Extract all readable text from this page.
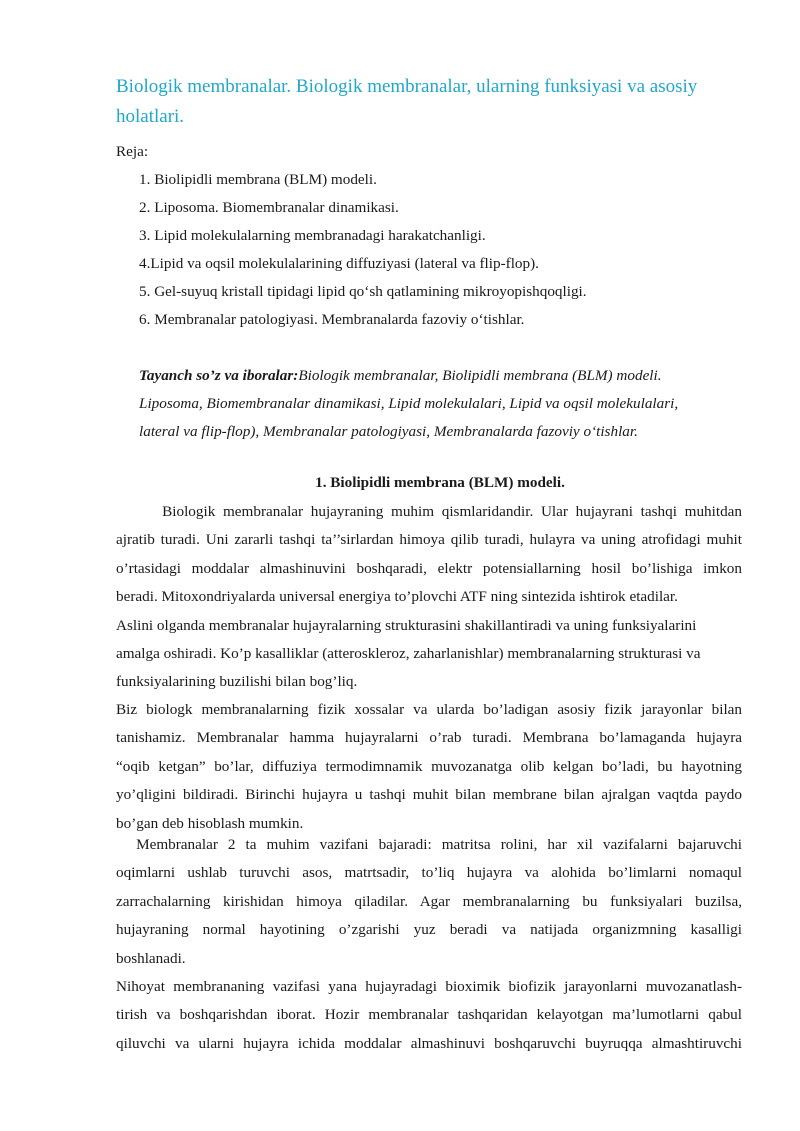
Biologik membranalar. Biologik membranalar, ularning funksiyasi va asosiy holatlari.
Reja:
1. Biolipidli membrana (BLM) modeli.
2. Liposoma. Biomembranalar dinamikasi.
3. Lipid molekulalarning membranadagi harakatchanligi.
4.Lipid va oqsil molekulalarining diffuziyasi (lateral va flip-flop).
5. Gel-suyuq kristall tipidagi lipid qo‘sh qatlamining mikroyopishqoqligi.
6. Membranalar patologiyasi. Membranalarda fazoviy o‘tishlar.
Tayanch so’z va iboralar:Biologik membranalar, Biolipidli membrana (BLM) modeli.
Liposoma, Biomembranalar dinamikasi, Lipid molekulalari, Lipid va oqsil molekulalari,
lateral va flip-flop), Membranalar patologiyasi, Membranalarda fazoviy o‘tishlar.
1. Biolipidli membrana (BLM) modeli.
Biologik membranalar hujayraning muhim qismlaridandir. Ular hujayrani tashqi muhitdan
ajratib turadi. Uni zararli tashqi ta’’sirlardan himoya qilib turadi, hulayra va uning atrofidagi muhit
o’rtasidagi moddalar almashinuvini boshqaradi, elektr potensiallarning hosil bo’lishiga imkon
beradi. Mitoxondriyalarda universal energiya to’plovchi ATF ning sintezida ishtirok etadilar.
Aslini olganda membranalar hujayralarning strukturasini shakillantiradi va uning funksiyalarini
amalga oshiradi. Ko’p kasalliklar (atteroskleroz, zaharlanishlar) membranalarning strukturasi va
funksiyalarining buzilishi bilan bog’liq.
Biz biologk membranalarning fizik xossalar va ularda bo’ladigan asosiy fizik jarayonlar bilan
tanishamiz. Membranalar hamma hujayralarni o’rab turadi. Membrana bo’lamaganda hujayra
“oqib ketgan” bo’lar, diffuziya termodimnamik muvozanatga olib kelgan bo’ladi, bu hayotning
yo’qligini bildiradi. Birinchi hujayra u tashqi muhit bilan membrane bilan ajralgan vaqtda paydo
bo’gan deb hisoblash mumkin.
Membranalar 2 ta muhim vazifani bajaradi: matritsa rolini, har xil vazifalarni bajaruvchi
oqimlarni ushlab turuvchi asos, matrtsadir, to’liq hujayra va alohida bo’limlarni nomaqul
zarrachalarning kirishidan himoya qiladilar. Agar membranalarning bu funksiyalari buzilsa,
hujayraning normal hayotining o’zgarishi yuz beradi va natijada organizmning kasalligi
boshlanadi.
Nihoyat membrananing vazifasi yana hujayradagi bioximik biofizik jarayonlarni muvozanatlash-
tirish va boshqarishdan iborat. Hozir membranalar tashqaridan kelayotgan ma’lumotlarni qabul
qiluvchi va ularni hujayra ichida moddalar almashinuvi boshqaruvchi buyruqqa almashtiruvchi
